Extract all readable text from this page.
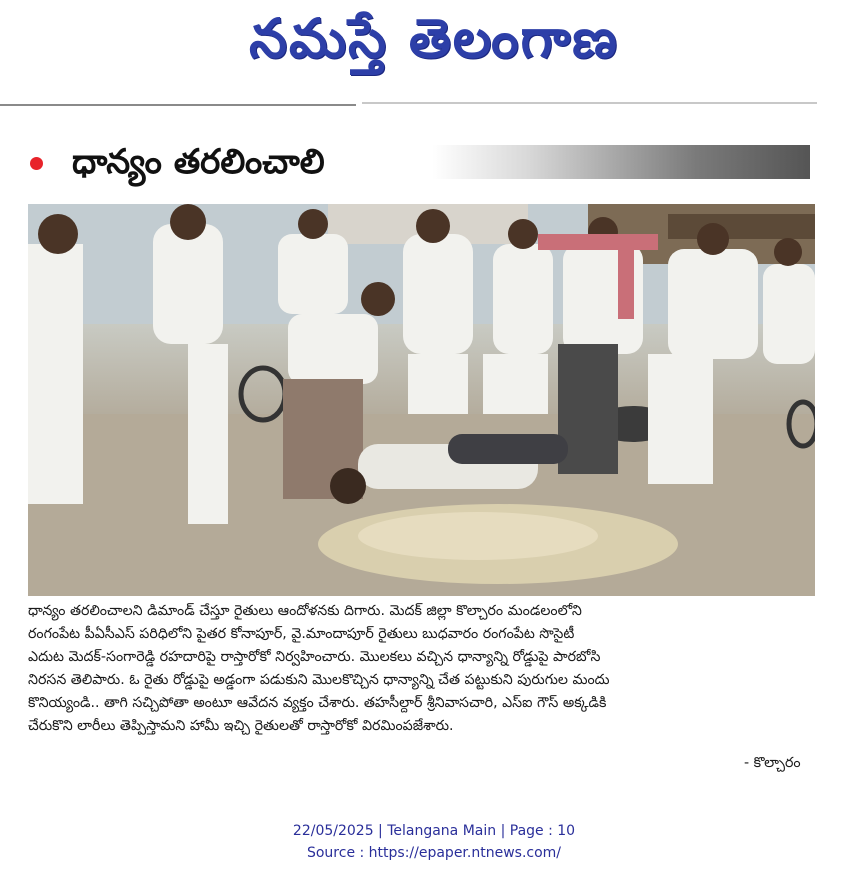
నమస్తే తెలంగాణ
ధాన్యం తరలించాలి

ధాన్యం తరలించాలని డిమాండ్ చేస్తూ రైతులు ఆందోళనకు దిగారు. మెదక్ జిల్లా కొల్చారం మండలంలోని

రంగంపేట పీఏసీఎస్ పరిధిలోని పైతర కోనాపూర్, వై.మాందాపూర్ రైతులు బుధవారం రంగంపేట సొసైటీ

ఎదుట మెదక్-సంగారెడ్డి రహదారిపై రాస్తారోకో నిర్వహించారు. మొలకలు వచ్చిన ధాన్యాన్ని రోడ్డుపై పారబోసి

నిరసన తెలిపారు. ఓ రైతు రోడ్డుపై అడ్డంగా పడుకుని మొలకొచ్చిన ధాన్యాన్ని చేత పట్టుకుని పురుగుల మందు

కొనియ్యండి.. తాగి సచ్చిపోతా అంటూ ఆవేదన వ్యక్తం చేశారు. తహసీల్దార్ శ్రీనివాసచారి, ఎస్ఐ గౌస్ అక్కడికి

చేరుకొని లారీలు తెప్పిస్తామని హామీ ఇచ్చి రైతులతో రాస్తారోకో విరమింపజేశారు.

- కొల్చారం
22/05/2025 | Telangana Main | Page : 10
Source : https://epaper.ntnews.com/
